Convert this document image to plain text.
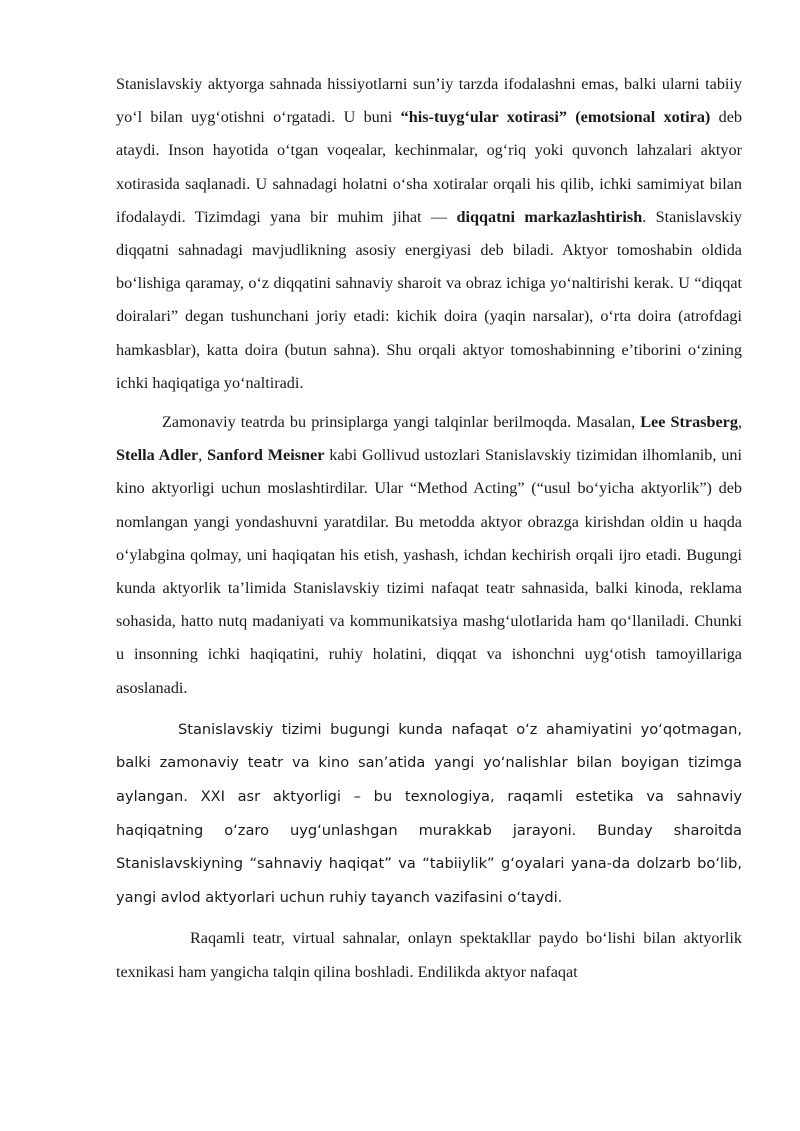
Stanislavskiy aktyorga sahnada hissiyotlarni sun’iy tarzda ifodalashni emas, balki ularni tabiiy yo‘l bilan uyg‘otishni o‘rgatadi. U buni “his-tuyg‘ular xotirasi” (emotsional xotira) deb ataydi. Inson hayotida o‘tgan voqealar, kechinmalar, og‘riq yoki quvonch lahzalari aktyor xotirasida saqlanadi. U sahnadagi holatni o‘sha xotiralar orqali his qilib, ichki samimiyat bilan ifodalaydi. Tizimdagi yana bir muhim jihat — diqqatni markazlashtirish. Stanislavskiy diqqatni sahnadagi mavjudlikning asosiy energiyasi deb biladi. Aktyor tomoshabin oldida bo‘lishiga qaramay, o‘z diqqatini sahnaviy sharoit va obraz ichiga yo‘naltirishi kerak. U “diqqat doiralari” degan tushunchani joriy etadi: kichik doira (yaqin narsalar), o‘rta doira (atrofdagi hamkasblar), katta doira (butun sahna). Shu orqali aktyor tomoshabinning e’tiborini o‘zining ichki haqiqatiga yo‘naltiradi.

Zamonaviy teatrda bu prinsiplarga yangi talqinlar berilmoqda. Masalan, Lee Strasberg, Stella Adler, Sanford Meisner kabi Gollivud ustozlari Stanislavskiy tizimidan ilhomlanib, uni kino aktyorligi uchun moslashtirdilar. Ular “Method Acting” (“usul bo‘yicha aktyorlik”) deb nomlangan yangi yondashuvni yaratdilar. Bu metodda aktyor obrazga kirishdan oldin u haqda o‘ylabgina qolmay, uni haqiqatan his etish, yashash, ichdan kechirish orqali ijro etadi. Bugungi kunda aktyorlik ta’limida Stanislavskiy tizimi nafaqat teatr sahnasida, balki kinoda, reklama sohasida, hatto nutq madaniyati va kommunikatsiya mashg‘ulotlarida ham qo‘llaniladi. Chunki u insonning ichki haqiqatini, ruhiy holatini, diqqat va ishonchni uyg‘otish tamoyillariga asoslanadi.

Stanislavskiy tizimi bugungi kunda nafaqat o‘z ahamiyatini yo‘qotmagan, balki zamonaviy teatr va kino san’atida yangi yo‘nalishlar bilan boyigan tizimga aylangan. XXI asr aktyorligi – bu texnologiya, raqamli estetika va sahnaviy haqiqatning o‘zaro uyg‘unlashgan murakkab jarayoni. Bunday sharoitda Stanislavskiyning “sahnaviy haqiqat” va “tabiiylik” g‘oyalari yana-da dolzarb bo‘lib, yangi avlod aktyorlari uchun ruhiy tayanch vazifasini o‘taydi.

Raqamli teatr, virtual sahnalar, onlayn spektakllar paydo bo‘lishi bilan aktyorlik texnikasi ham yangicha talqin qilina boshladi. Endilikda aktyor nafaqat
